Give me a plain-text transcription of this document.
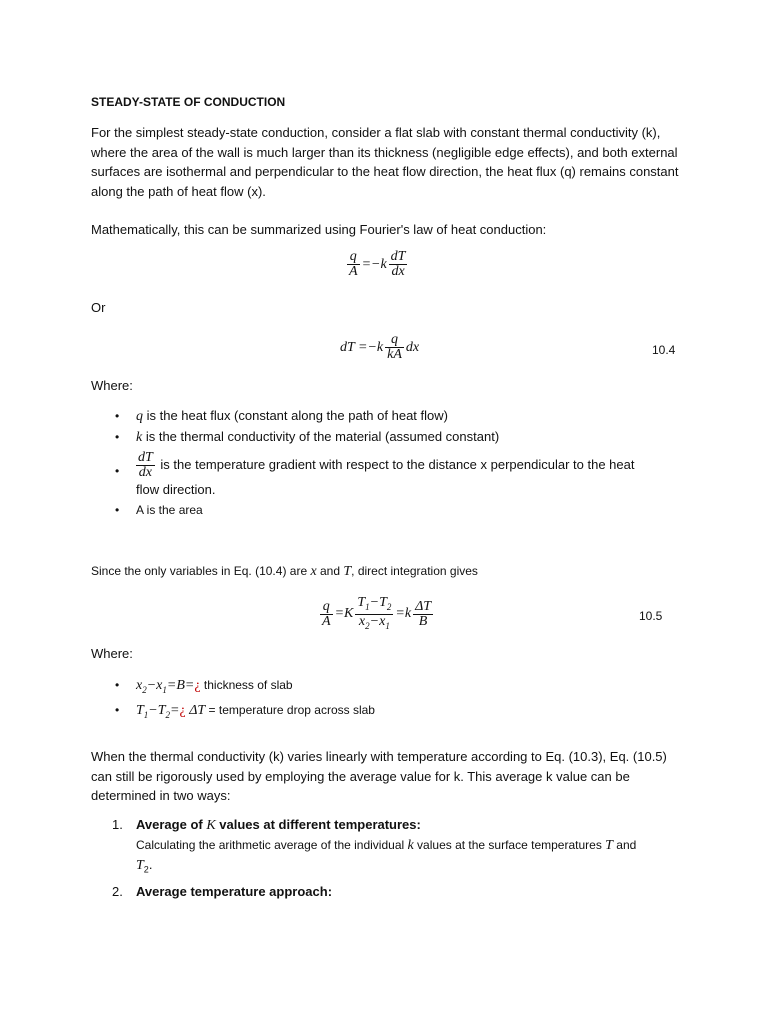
STEADY-STATE OF CONDUCTION
For the simplest steady-state conduction, consider a flat slab with constant thermal conductivity (k), where the area of the wall is much larger than its thickness (negligible edge effects), and both external surfaces are isothermal and perpendicular to the heat flow direction, the heat flux (q) remains constant along the path of heat flow (x).
Mathematically, this can be summarized using Fourier's law of heat conduction:
$\frac{q}{A} =-k \frac{dT}{dx}$
Or
dT $=-k \frac{q}{kA}$ dx	10.4
Where:
• q is the heat flux (constant along the path of heat flow)
• k is the thermal conductivity of the material (assumed constant)
• $\frac{dT}{dx}$ is the temperature gradient with respect to the distance x perpendicular to the heat
flow direction.
• A is the area
Since the only variables in Eq. (10.4) are x and T, direct integration gives
$\frac{q}{A} =K \frac{T_1-T_2}{x_2-x_1} =k \frac{\Delta T}{B}$	10.5
Where:
• $x_2-x_1=B=¿$ thickness of slab
• $T_1-T_2=¿$ ΔT = temperature drop across slab
When the thermal conductivity (k) varies linearly with temperature according to Eq. (10.3), Eq. (10.5) can still be rigorously used by employing the average value for k. This average k value can be determined in two ways:
1. Average of K values at different temperatures:
Calculating the arithmetic average of the individual k values at the surface temperatures T and
$T_2$.
2. Average temperature approach:
